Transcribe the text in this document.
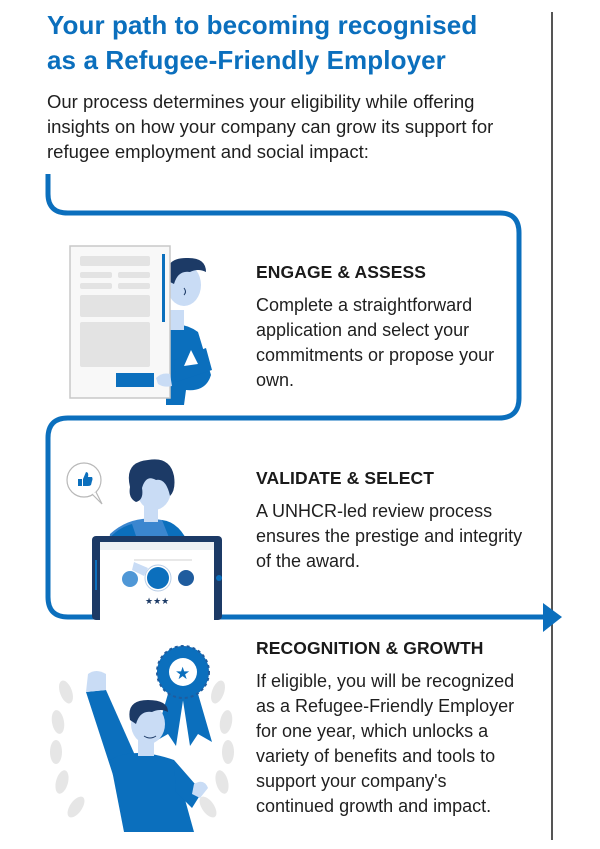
Your path to becoming recognised
as a Refugee-Friendly Employer

Our process determines your eligibility while offering insights on how your company can grow its support for refugee employment and social impact:

ENGAGE & ASSESS

Complete a straightforward application and select your commitments or propose your own.

★★★
VALIDATE & SELECT

A UNHCR-led review process ensures the prestige and integrity of the award.

★
RECOGNITION & GROWTH

If eligible, you will be recognized as a Refugee-Friendly Employer for one year, which unlocks a variety of benefits and tools to support your company's continued growth and impact.
